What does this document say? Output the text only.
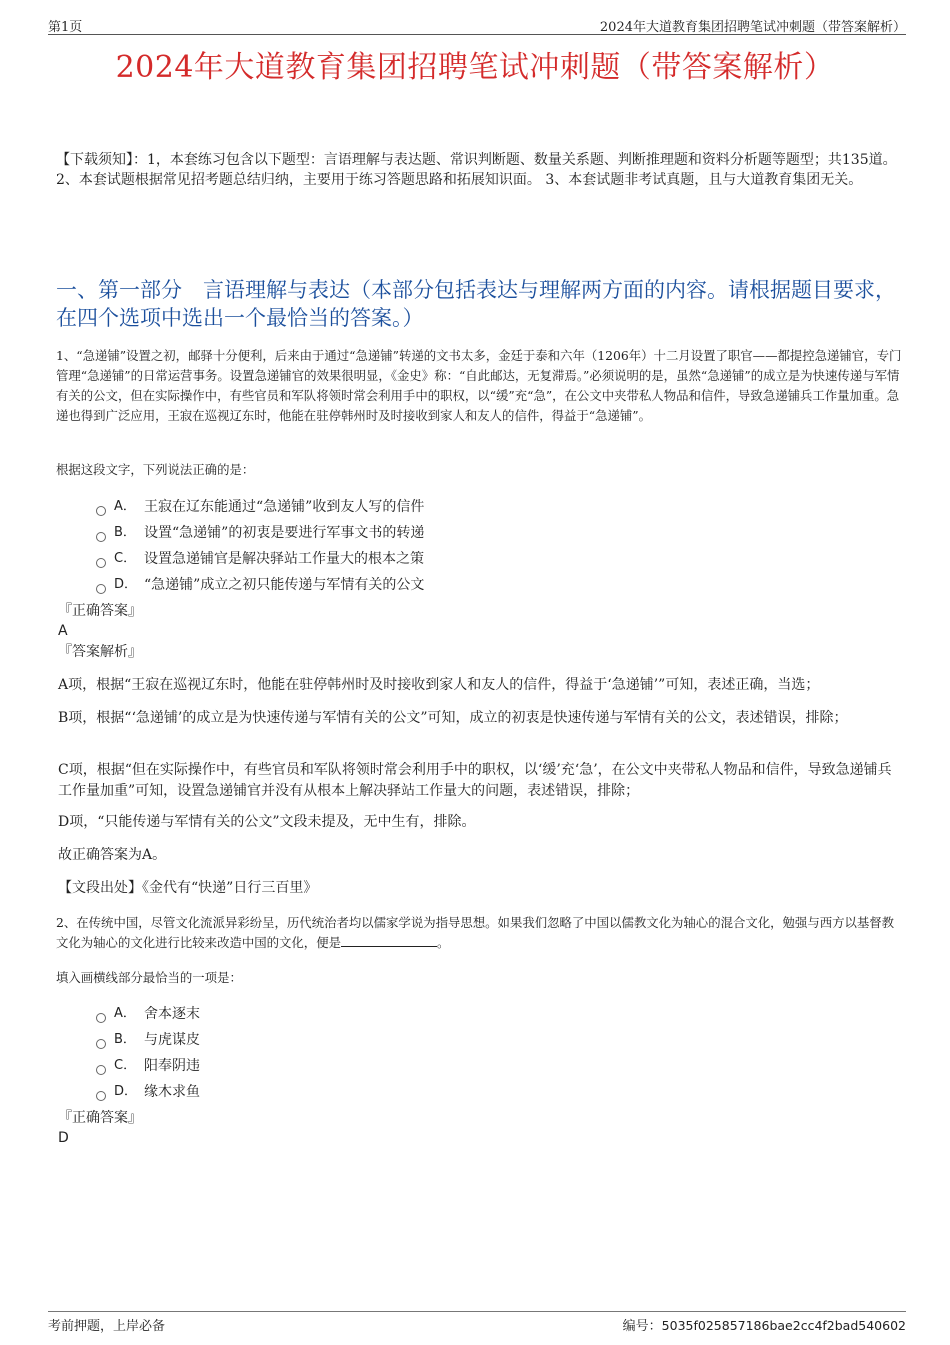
第1页	2024年大道教育集团招聘笔试冲刺题（带答案解析）
2024年大道教育集团招聘笔试冲刺题（带答案解析）
【下载须知】：1，本套练习包含以下题型：言语理解与表达题、常识判断题、数量关系题、判断推理题和资料分析题等题型；共135道。 2、本套试题根据常见招考题总结归纳，主要用于练习答题思路和拓展知识面。 3、本套试题非考试真题，且与大道教育集团无关。
一、第一部分　言语理解与表达（本部分包括表达与理解两方面的内容。请根据题目要求，在四个选项中选出一个最恰当的答案。）
1、“急递铺”设置之初，邮驿十分便利，后来由于通过“急递铺”转递的文书太多，金廷于泰和六年（1206年）十二月设置了职官——都提控急递铺官，专门管理“急递铺”的日常运营事务。设置急递铺官的效果很明显，《金史》称：“自此邮达，无复滞焉。”必须说明的是，虽然“急递铺”的成立是为快速传递与军情有关的公文，但在实际操作中，有些官员和军队将领时常会利用手中的职权，以“缓”充“急”，在公文中夹带私人物品和信件，导致急递铺兵工作量加重。急递也得到广泛应用，王寂在巡视辽东时，他能在驻停韩州时及时接收到家人和友人的信件，得益于“急递铺”。
根据这段文字，下列说法正确的是：
A． 王寂在辽东能通过“急递铺”收到友人写的信件
B． 设置“急递铺”的初衷是要进行军事文书的转递
C． 设置急递铺官是解决驿站工作量大的根本之策
D． “急递铺”成立之初只能传递与军情有关的公文
『正确答案』
A
『答案解析』
A项，根据“王寂在巡视辽东时，他能在驻停韩州时及时接收到家人和友人的信件，得益于‘急递铺’”可知，表述正确，当选；
B项，根据“‘急递铺’的成立是为快速传递与军情有关的公文”可知，成立的初衷是快速传递与军情有关的公文，表述错误，排除；
C项，根据“但在实际操作中，有些官员和军队将领时常会利用手中的职权，以‘缓’充‘急’，在公文中夹带私人物品和信件，导致急递铺兵工作量加重”可知，设置急递铺官并没有从根本上解决驿站工作量大的问题，表述错误，排除；
D项，“只能传递与军情有关的公文”文段未提及，无中生有，排除。
故正确答案为A。
【文段出处】《金代有“快递”日行三百里》
2、在传统中国，尽管文化流派异彩纷呈，历代统治者均以儒家学说为指导思想。如果我们忽略了中国以儒教文化为轴心的混合文化，勉强与西方以基督教文化为轴心的文化进行比较来改造中国的文化，便是	。
填入画横线部分最恰当的一项是：
A． 舍本逐末
B． 与虎谋皮
C． 阳奉阴违
D． 缘木求鱼
『正确答案』
D
考前押题，上岸必备	编号：5035f025857186bae2cc4f2bad540602
